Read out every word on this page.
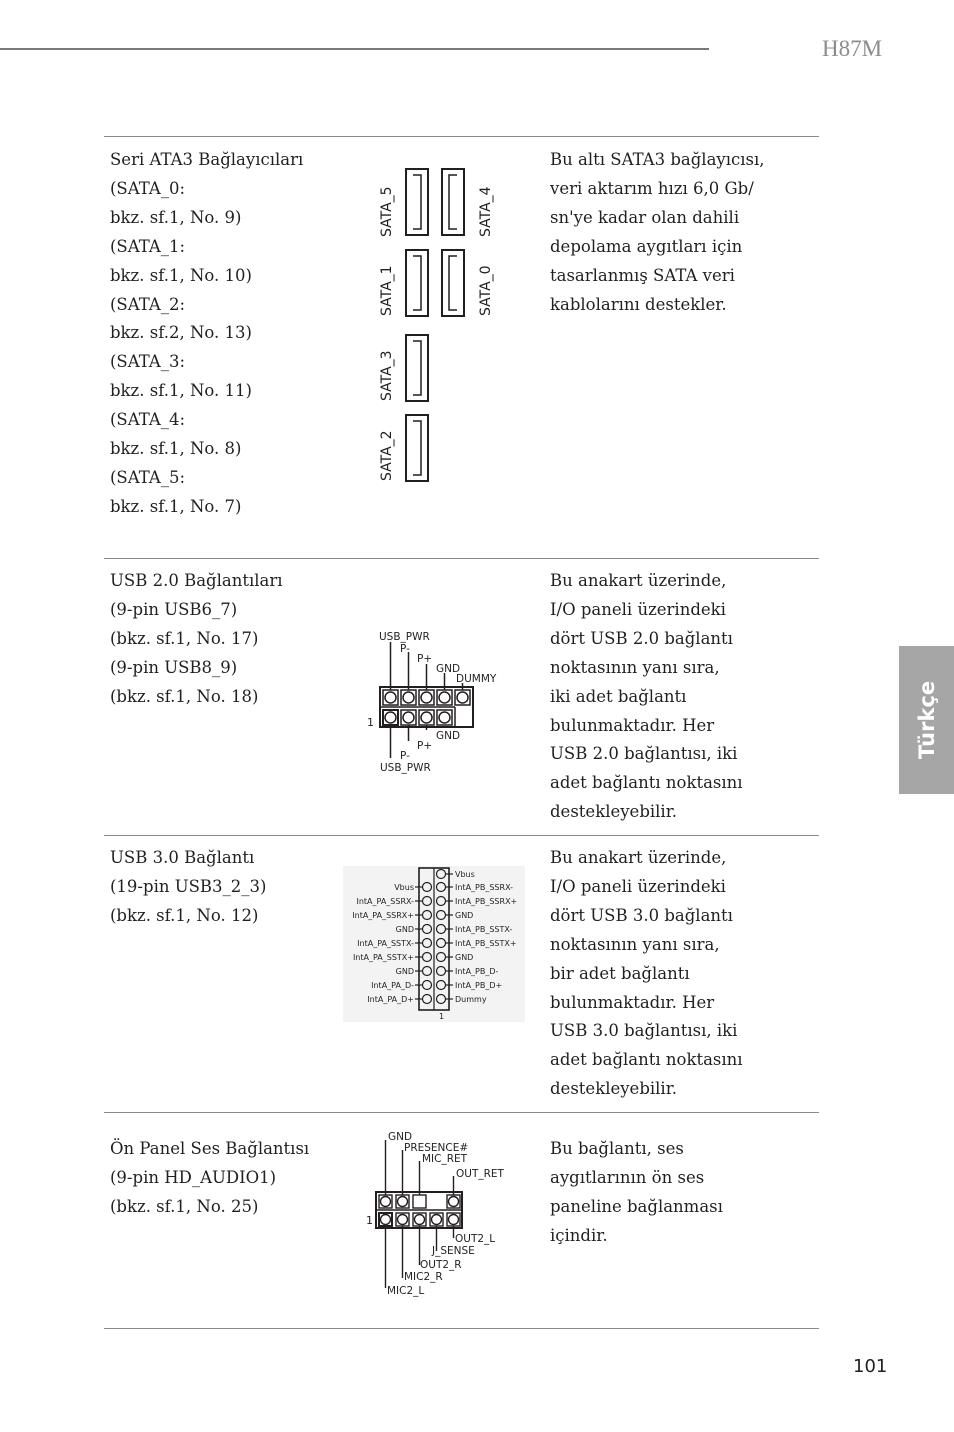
H87M
Türkçe
101
Seri ATA3 Bağlayıcıları
(SATA_0:
bkz. sf.1, No. 9)
(SATA_1:
bkz. sf.1, No. 10)
(SATA_2:
bkz. sf.2, No. 13)
(SATA_3:
bkz. sf.1, No. 11)
(SATA_4:
bkz. sf.1, No. 8)
(SATA_5:
bkz. sf.1, No. 7)
Bu altı SATA3 bağlayıcısı,
veri aktarım hızı 6,0 Gb/
sn'ye kadar olan dahili
depolama aygıtları için
tasarlanmış SATA veri
kablolarını destekler.
SATA_5	SATA_4
SATA_1	SATA_0
SATA_3
SATA_2
USB 2.0 Bağlantıları
(9-pin USB6_7)
(bkz. sf.1, No. 17)
(9-pin USB8_9)
(bkz. sf.1, No. 18)
Bu anakart üzerinde,
I/O paneli üzerindeki
dört USB 2.0 bağlantı
noktasının yanı sıra,
iki adet bağlantı
bulunmaktadır. Her
USB 2.0 bağlantısı, iki
adet bağlantı noktasını
destekleyebilir.
USB_PWR
P-
P+
GND
DUMMY
1
GND
P+
P-
USB_PWR
USB 3.0 Bağlantı
(19-pin USB3_2_3)
(bkz. sf.1, No. 12)
Bu anakart üzerinde,
I/O paneli üzerindeki
dört USB 3.0 bağlantı
noktasının yanı sıra,
bir adet bağlantı
bulunmaktadır. Her
USB 3.0 bağlantısı, iki
adet bağlantı noktasını
destekleyebilir.
Vbus
IntA_PA_SSRX-
IntA_PA_SSRX+
GND
IntA_PA_SSTX-
IntA_PA_SSTX+
GND
IntA_PA_D-
IntA_PA_D+
Vbus
IntA_PB_SSRX-
IntA_PB_SSRX+
GND
IntA_PB_SSTX-
IntA_PB_SSTX+
GND
IntA_PB_D-
IntA_PB_D+
Dummy
1
Ön Panel Ses Bağlantısı
(9-pin HD_AUDIO1)
(bkz. sf.1, No. 25)
Bu bağlantı, ses
aygıtlarının ön ses
paneline bağlanması
içindir.
GND
PRESENCE#
MIC_RET
OUT_RET
1
OUT2_L
J_SENSE
OUT2_R
MIC2_R
MIC2_L
